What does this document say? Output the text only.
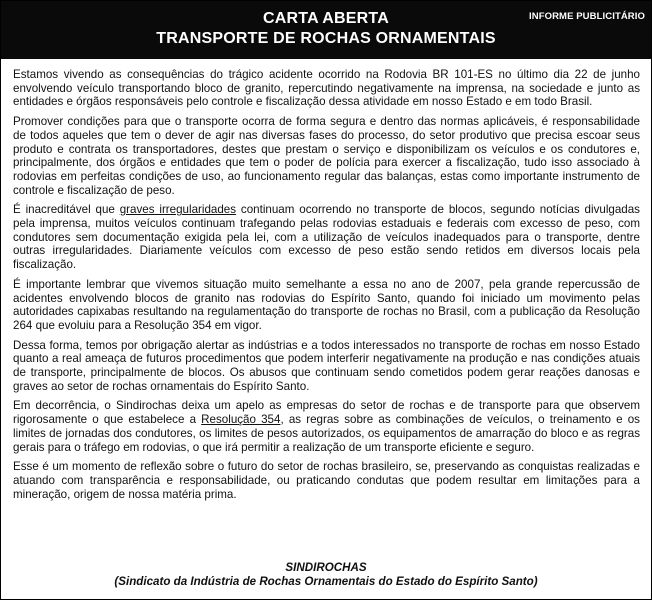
CARTA ABERTA
TRANSPORTE DE ROCHAS ORNAMENTAIS
INFORME PUBLICITÁRIO

Estamos vivendo as consequências do trágico acidente ocorrido na Rodovia BR 101-ES no último dia 22 de junho envolvendo veículo transportando bloco de granito, repercutindo negativamente na imprensa, na sociedade e junto as entidades e órgãos responsáveis pelo controle e fiscalização dessa atividade em nosso Estado e em todo Brasil.

Promover condições para que o transporte ocorra de forma segura e dentro das normas aplicáveis, é responsabilidade de todos aqueles que tem o dever de agir nas diversas fases do processo, do setor produtivo que precisa escoar seus produto e contrata os transportadores, destes que prestam o serviço e disponibilizam os veículos e os condutores e, principalmente, dos órgãos e entidades que tem o poder de polícia para exercer a fiscalização, tudo isso associado à rodovias em perfeitas condições de uso, ao funcionamento regular das balanças, estas como importante instrumento de controle e fiscalização de peso.

É inacreditável que graves irregularidades continuam ocorrendo no transporte de blocos, segundo notícias divulgadas pela imprensa, muitos veículos continuam trafegando pelas rodovias estaduais e federais com excesso de peso, com condutores sem documentação exigida pela lei, com a utilização de veículos inadequados para o transporte, dentre outras irregularidades. Diariamente veículos com excesso de peso estão sendo retidos em diversos locais pela fiscalização.

É importante lembrar que vivemos situação muito semelhante a essa no ano de 2007, pela grande repercussão de acidentes envolvendo blocos de granito nas rodovias do Espírito Santo, quando foi iniciado um movimento pelas autoridades capixabas resultando na regulamentação do transporte de rochas no Brasil, com a publicação da Resolução 264 que evoluiu para a Resolução 354 em vigor.

Dessa forma, temos por obrigação alertar as indústrias e a todos interessados no transporte de rochas em nosso Estado quanto a real ameaça de futuros procedimentos que podem interferir negativamente na produção e nas condições atuais de transporte, principalmente de blocos. Os abusos que continuam sendo cometidos podem gerar reações danosas e graves ao setor de rochas ornamentais do Espírito Santo.

Em decorrência, o Sindirochas deixa um apelo as empresas do setor de rochas e de transporte para que observem rigorosamente o que estabelece a Resolução 354, as regras sobre as combinações de veículos, o treinamento e os limites de jornadas dos condutores, os limites de pesos autorizados, os equipamentos de amarração do bloco e as regras gerais para o tráfego em rodovias, o que irá permitir a realização de um transporte eficiente e seguro.

Esse é um momento de reflexão sobre o futuro do setor de rochas brasileiro, se, preservando as conquistas realizadas e atuando com transparência e responsabilidade, ou praticando condutas que podem resultar em limitações para a mineração, origem de nossa matéria prima.

SINDIROCHAS
(Sindicato da Indústria de Rochas Ornamentais do Estado do Espírito Santo)
